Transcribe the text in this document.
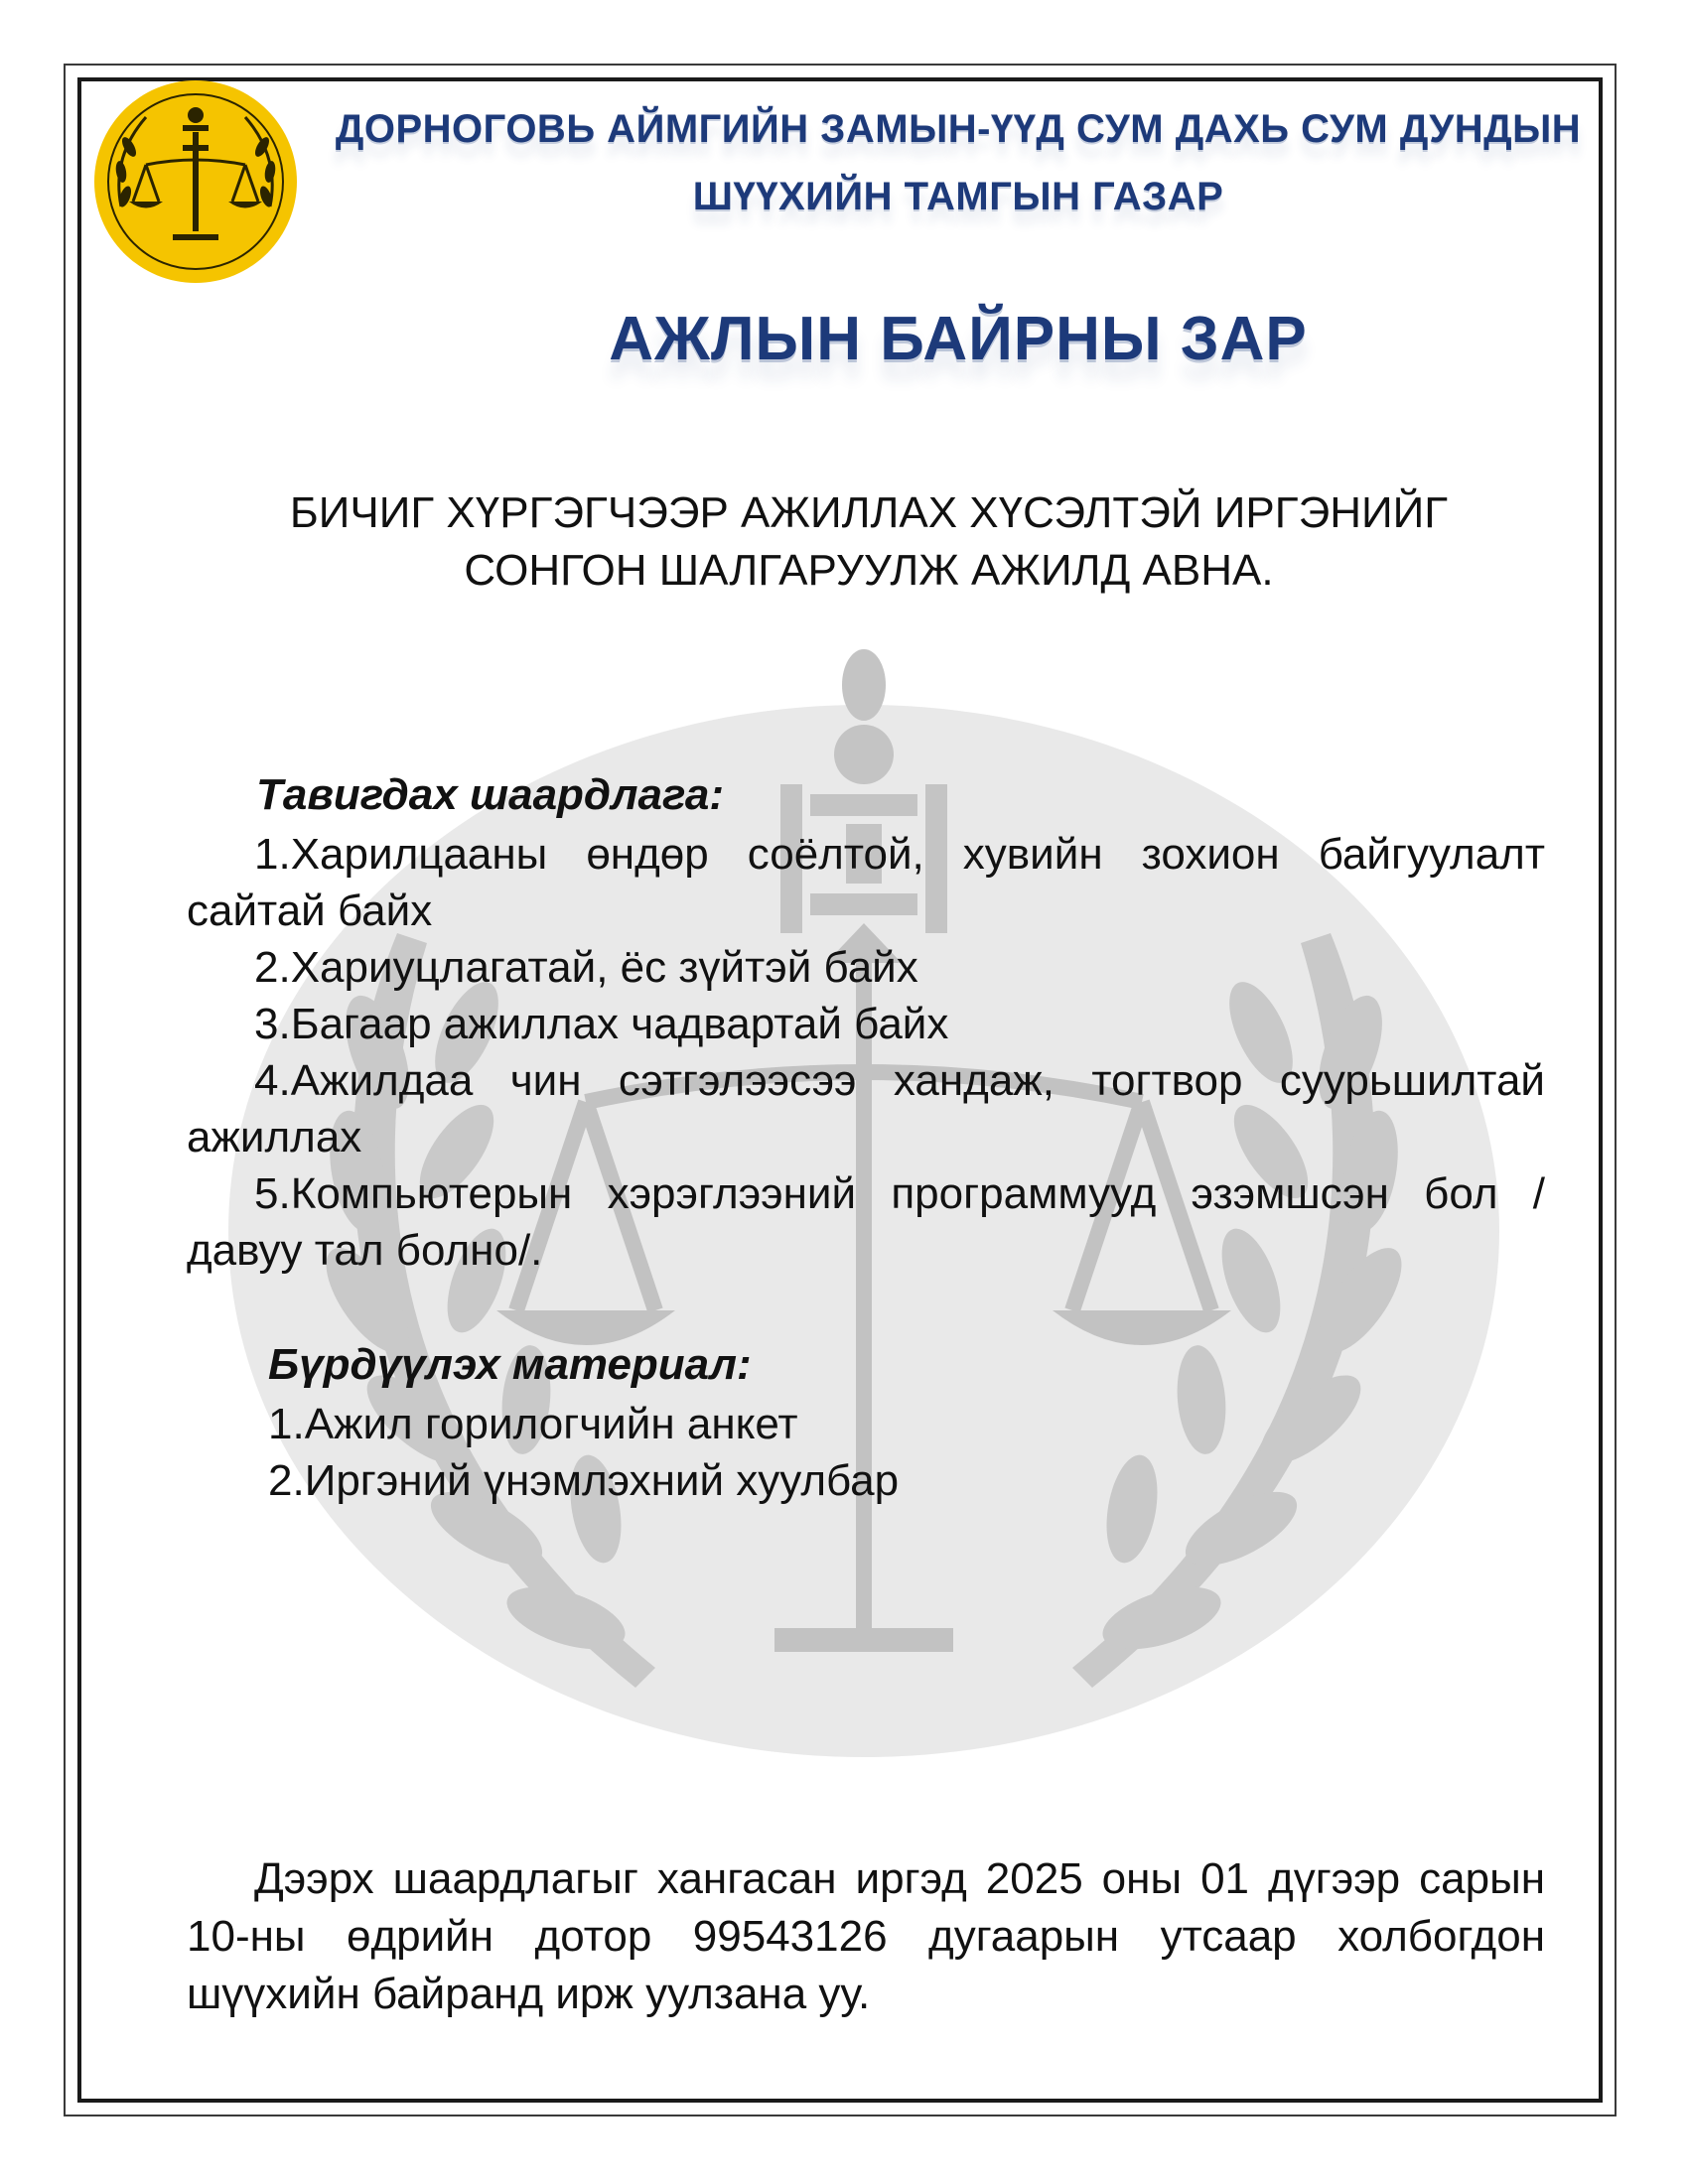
ДОРНОГОВЬ АЙМГИЙН ЗАМЫН-ҮҮД СУМ ДАХЬ СУМ ДУНДЫН
ШҮҮХИЙН ТАМГЫН ГАЗАР
АЖЛЫН БАЙРНЫ ЗАР
БИЧИГ ХҮРГЭГЧЭЭР АЖИЛЛАХ ХҮСЭЛТЭЙ ИРГЭНИЙГ
СОНГОН ШАЛГАРУУЛЖ АЖИЛД АВНА.
Тавигдах шаардлага:
1.Харилцааны өндөр соёлтой, хувийн зохион байгуулалт сайтай байх
2.Хариуцлагатай, ёс зүйтэй байх
3.Багаар ажиллах чадвартай байх
4.Ажилдаа чин сэтгэлээсээ хандаж, тогтвор суурьшилтай ажиллах
5.Компьютерын хэрэглээний программууд эзэмшсэн бол /давуу тал болно/.
Бүрдүүлэх материал:
1.Ажил горилогчийн анкет
2.Иргэний үнэмлэхний хуулбар
Дээрх шаардлагыг хангасан иргэд 2025 оны 01 дүгээр сарын 10-ны өдрийн дотор 99543126 дугаарын утсаар холбогдон шүүхийн байранд ирж уулзана уу.
